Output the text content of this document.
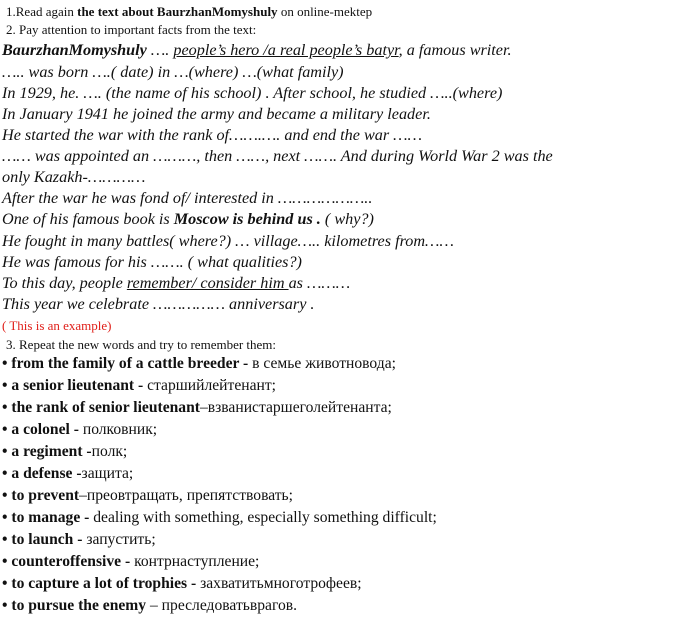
1.Read again the text about BaurzhanMomyshuly on online-mektep
2. Pay attention to important facts from the text:
BaurzhanMomyshuly …. people’s hero /a real people’s batyr, a famous writer.
….. was born ….( date) in …(where) …(what family)
In 1929, he. …. (the name of his school) . After school, he studied …..(where)
In January 1941 he joined the army and became a military leader.
He started the war with the rank of…….…. and end the war ……
…… was appointed an ………, then ……, next ……. And during World War 2 was the
only Kazakh-…………
After the war he was fond of/ interested in ………………..
One of his famous book is Moscow is behind us . ( why?)
He fought in many battles( where?) … village….. kilometres from……
He was famous for his ……. ( what qualities?)
To this day, people remember/ consider him as ………
This year we celebrate …………… anniversary .
( This is an example)
3. Repeat the new words and try to remember them:
• from the family of a cattle breeder - в семье животновода;
• a senior lieutenant - старшийлейтенант;
• the rank of senior lieutenant–взванистаршеголейтенанта;
• a colonel - полковник;
• a regiment -полк;
• a defense -защита;
• to prevent–преовтращать, препятствовать;
• to manage - dealing with something, especially something difficult;
• to launch - запустить;
• counteroffensive - контрнаступление;
• to capture a lot of trophies - захватитьмноготрофеев;
• to pursue the enemy – преследоватьврагов.
